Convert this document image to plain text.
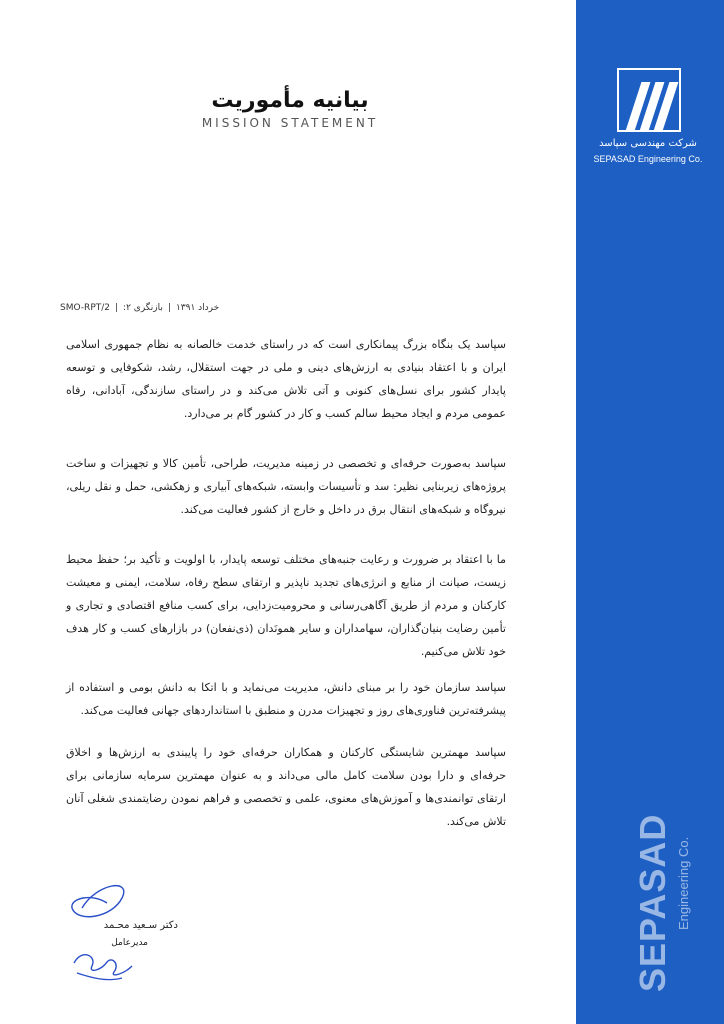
شرکت مهندسی سپاسد
SEPASAD Engineering Co.
SEPASAD Engineering Co.
بیانیه مأموریت
MISSION STATEMENT
خرداد ۱۳۹۱|بازنگری ۲:|SMO-RPT/2
سپاسد یک بنگاه بزرگ پیمانکاری است که در راستای خدمت خالصانه به نظام جمهوری اسلامی ایران و با اعتقاد بنیادی به ارزش‌های دینی و ملی در جهت استقلال، رشد، شکوفایی و توسعه پایدار کشور برای نسل‌های کنونی و آتی تلاش می‌کند و در راستای سازندگی، آبادانی، رفاه عمومی مردم و ایجاد محیط سالم کسب و کار در کشور گام بر می‌دارد.
سپاسد به‌صورت حرفه‌ای و تخصصی در زمینه مدیریت، طراحی، تأمین کالا و تجهیزات و ساخت پروژه‌های زیربنایی نظیر: سد و تأسیسات وابسته، شبکه‌های آبیاری و زهکشی، حمل و نقل ریلی، نیروگاه و شبکه‌های انتقال برق در داخل و خارج از کشور فعالیت می‌کند.
ما با اعتقاد بر ضرورت و رعایت جنبه‌های مختلف توسعه پایدار، با اولویت و تأکید بر؛ حفظ محیط زیست، صیانت از منابع و انرژی‌های تجدید ناپذیر و ارتقای سطح رفاه، سلامت، ایمنی و معیشت کارکنان و مردم از طریق آگاهی‌رسانی و محرومیت‌زدایی، برای کسب منافع اقتصادی و تجاری و تأمین رضایت بنیان‌گذاران، سهامداران و سایر همونَدان (ذی‌نفعان) در بازارهای کسب و کار هدف خود تلاش می‌کنیم.
سپاسد سازمان خود را بر مبنای دانش، مدیریت می‌نماید و با اتکا به دانش بومی و استفاده از پیشرفته‌ترین فناوری‌های روز و تجهیزات مدرن و منطبق با استانداردهای جهانی فعالیت می‌کند.
سپاسد مهمترین شایستگی کارکنان و همکاران حرفه‌ای خود را پایبندی به ارزش‌ها و اخلاق حرفه‌ای و دارا بودن سلامت کامل مالی می‌داند و به عنوان مهمترین سرمایه سازمانی برای ارتقای توانمندی‌ها و آموزش‌های معنوی، علمی و تخصصی و فراهم نمودن رضایتمندی شغلی آنان تلاش می‌کند.
دکتر سـعید محـمد
مدیرعامل
